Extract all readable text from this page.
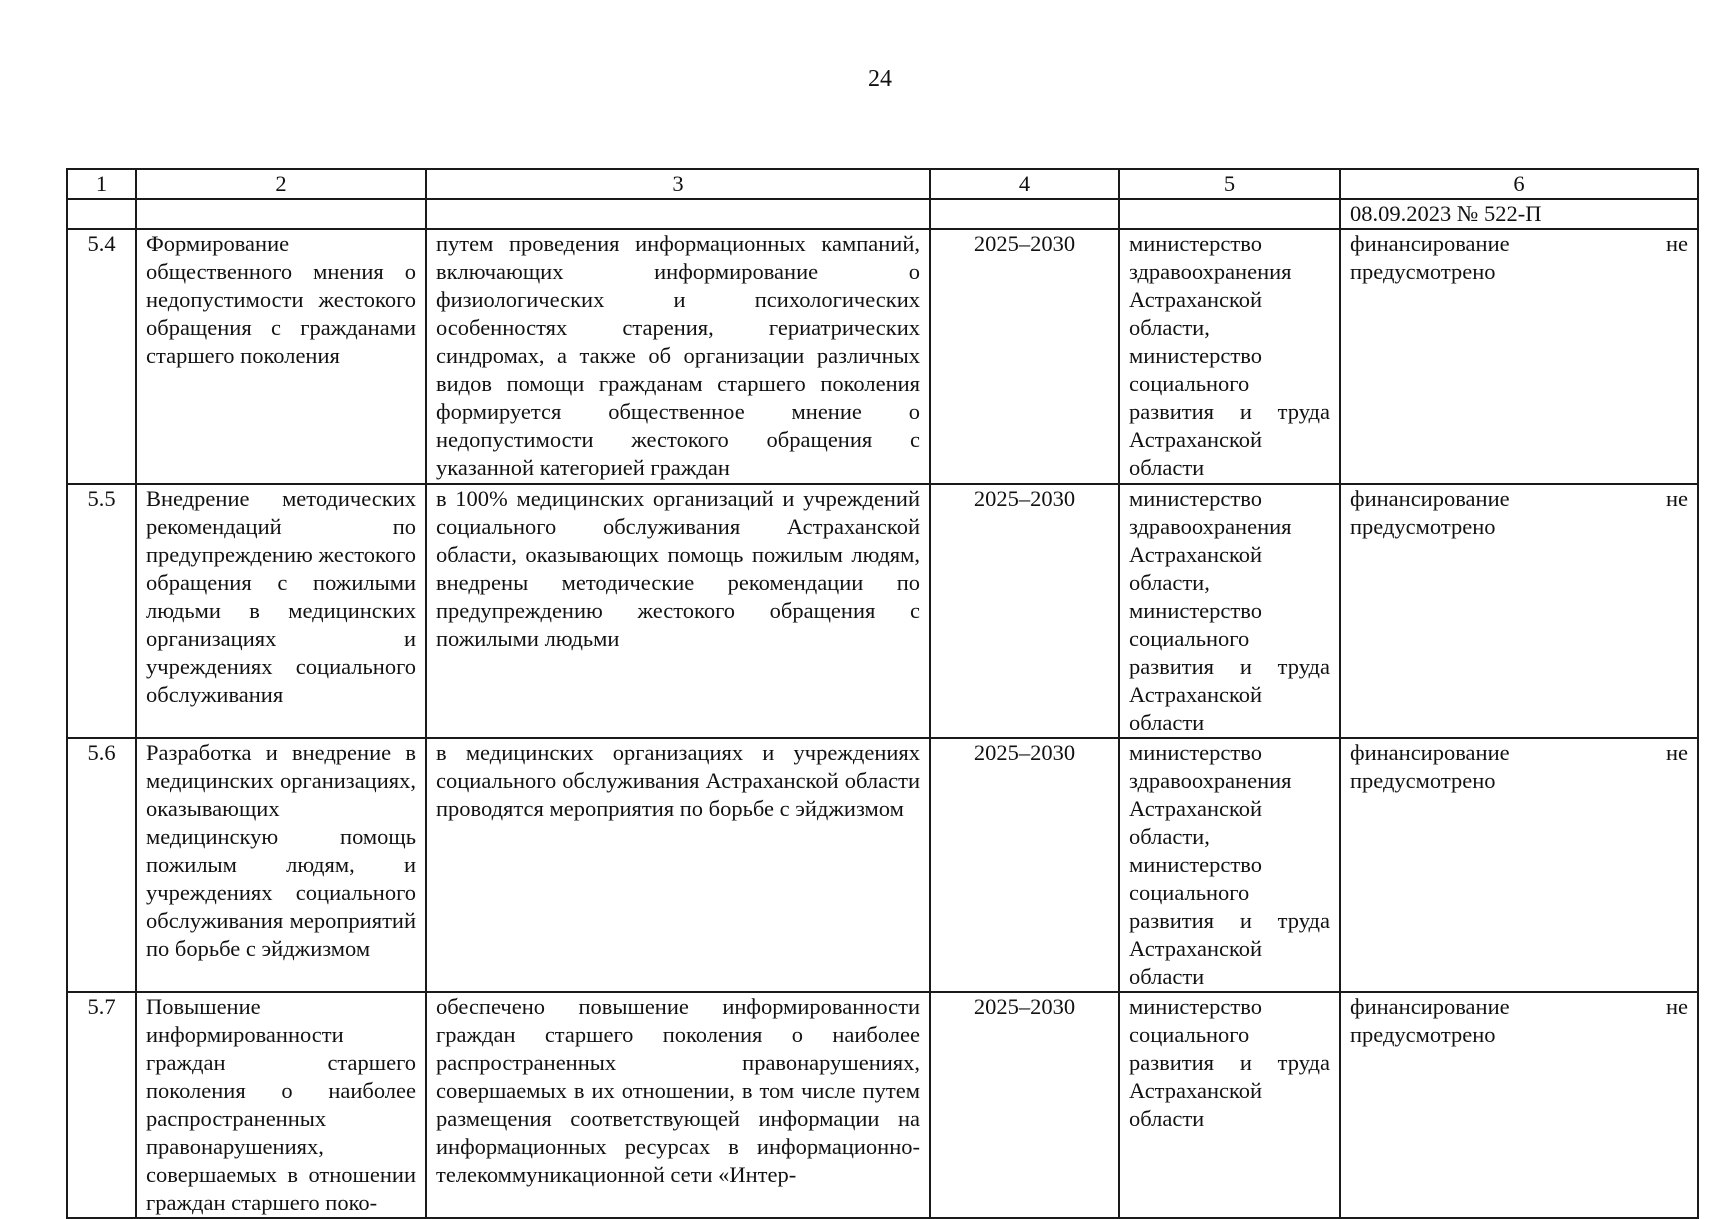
24
1	2	3	4	5	6
					08.09.2023 № 522-П
5.4	Формирование общественного мнения о недопустимости жестокого обращения с гражданами старшего поколения	путем проведения информационных кампаний, включающих информирование о физиологических и психологических особенностях старения, гериатрических синдромах, а также об организации различных видов помощи гражданам старшего поколения формируется общественное мнение о недопустимости жестокого обращения с указанной категорией граждан	2025–2030	министерство здравоохранения Астраханской области, министерство социального развития и труда Астраханской области	финансирование не предусмотрено
5.5	Внедрение методических рекомендаций по предупреждению жестокого обращения с пожилыми людьми в медицинских организациях и учреждениях социального обслуживания	в 100% медицинских организаций и учреждений социального обслуживания Астраханской области, оказывающих помощь пожилым людям, внедрены методические рекомендации по предупреждению жестокого обращения с пожилыми людьми	2025–2030	министерство здравоохранения Астраханской области, министерство социального развития и труда Астраханской области	финансирование не предусмотрено
5.6	Разработка и внедрение в медицинских организациях, оказывающих медицинскую помощь пожилым людям, и учреждениях социального обслуживания мероприятий по борьбе с эйджизмом	в медицинских организациях и учреждениях социального обслуживания Астраханской области проводятся мероприятия по борьбе с эйджизмом	2025–2030	министерство здравоохранения Астраханской области, министерство социального развития и труда Астраханской области	финансирование не предусмотрено
5.7	Повышение информированности граждан старшего поколения о наиболее распространенных правонарушениях, совершаемых в отношении граждан старшего поко-	обеспечено повышение информированности граждан старшего поколения о наиболее распространенных правонарушениях, совершаемых в их отношении, в том числе путем размещения соответствующей информации на информационных ресурсах в информационно-телекоммуникационной сети «Интер-	2025–2030	министерство социального развития и труда Астраханской области	финансирование не предусмотрено
